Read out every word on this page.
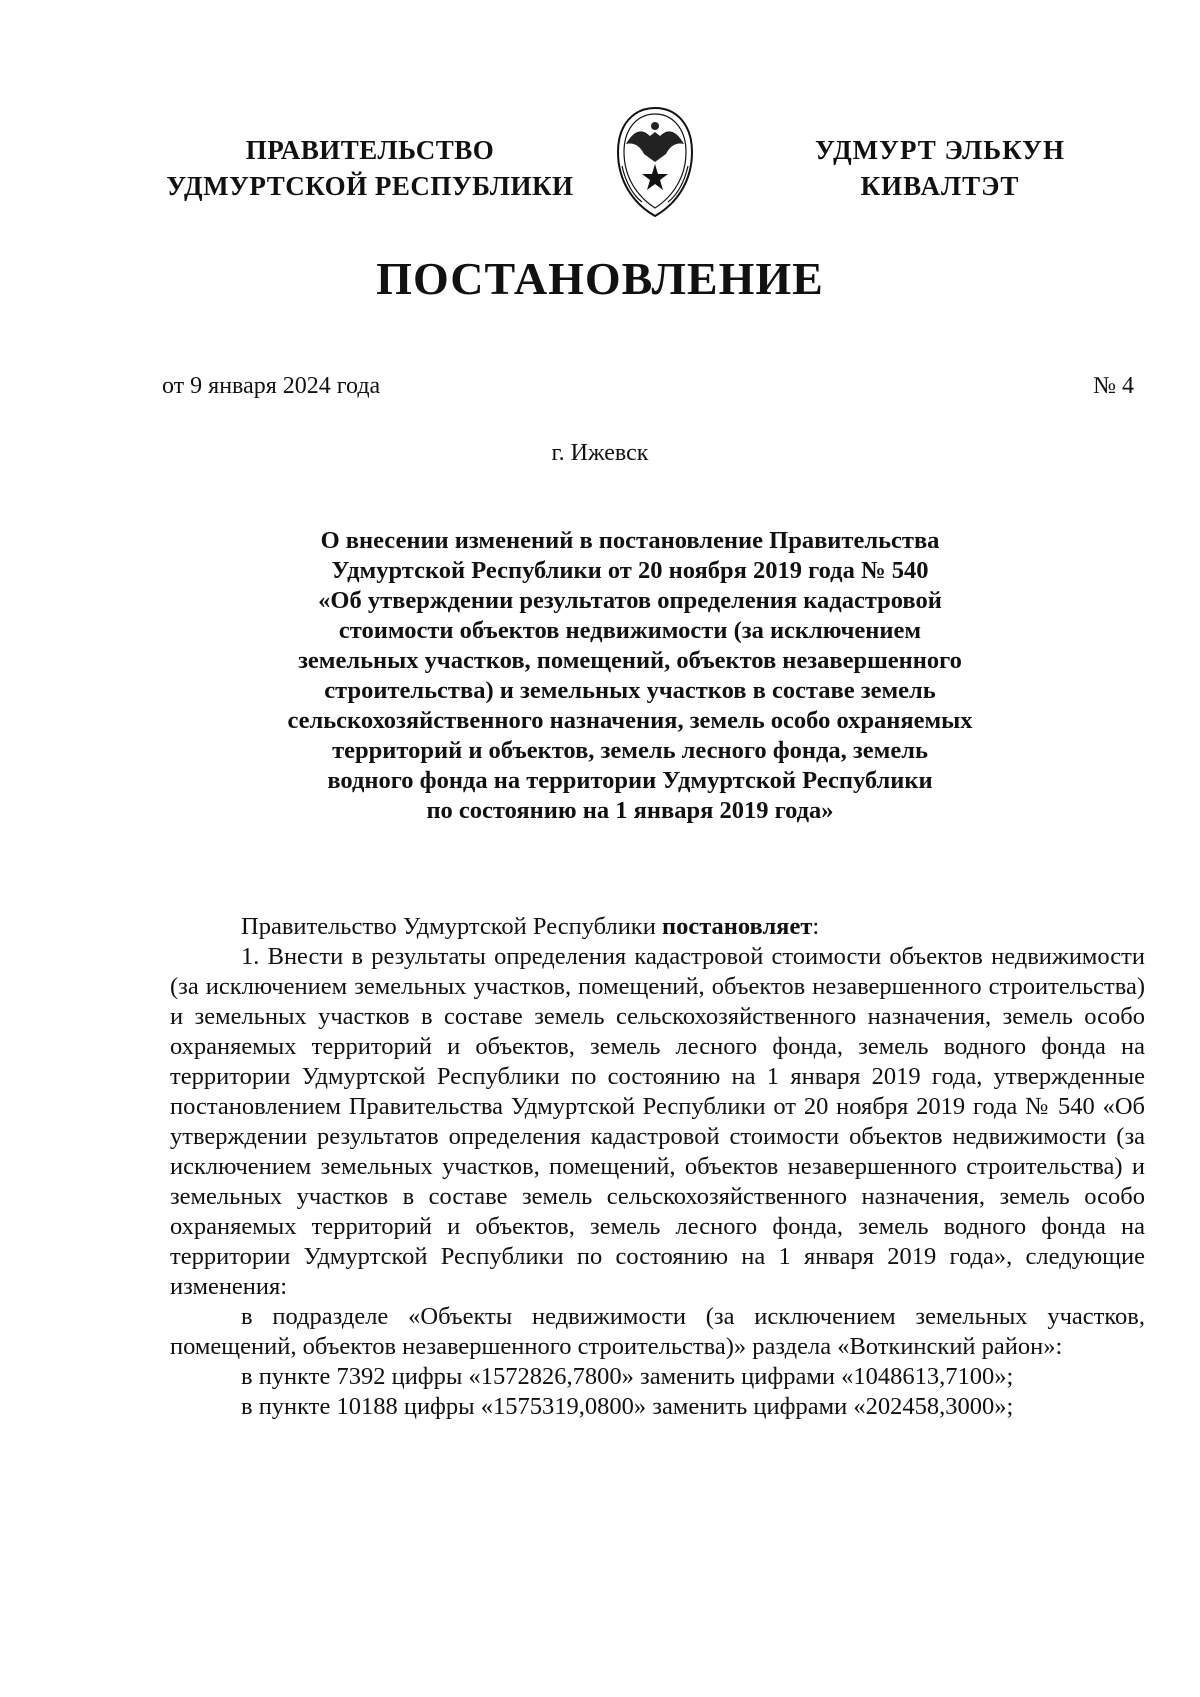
ПРАВИТЕЛЬСТВО
УДМУРТСКОЙ РЕСПУБЛИКИ
УДМУРТ ЭЛЬКУН
КИВАЛТЭТ
ПОСТАНОВЛЕНИЕ
от 9 января 2024 года	№ 4
г. Ижевск
О внесении изменений в постановление Правительства
Удмуртской Республики от 20 ноября 2019 года № 540
«Об утверждении результатов определения кадастровой
стоимости объектов недвижимости (за исключением
земельных участков, помещений, объектов незавершенного
строительства) и земельных участков в составе земель
сельскохозяйственного назначения, земель особо охраняемых
территорий и объектов, земель лесного фонда, земель
водного фонда на территории Удмуртской Республики
по состоянию на 1 января 2019 года»

Правительство Удмуртской Республики постановляет:

1. Внести в результаты определения кадастровой стоимости объектов недвижимости (за исключением земельных участков, помещений, объектов незавершенного строительства) и земельных участков в составе земель сельскохозяйственного назначения, земель особо охраняемых территорий и объектов, земель лесного фонда, земель водного фонда на территории Удмуртской Республики по состоянию на 1 января 2019 года, утвержденные постановлением Правительства Удмуртской Республики от 20 ноября 2019 года № 540 «Об утверждении результатов определения кадастровой стоимости объектов недвижимости (за исключением земельных участков, помещений, объектов незавершенного строительства) и земельных участков в составе земель сельскохозяйственного назначения, земель особо охраняемых территорий и объектов, земель лесного фонда, земель водного фонда на территории Удмуртской Республики по состоянию на 1 января 2019 года», следующие изменения:

в подразделе «Объекты недвижимости (за исключением земельных участков, помещений, объектов незавершенного строительства)» раздела «Воткинский район»:

в пункте 7392 цифры «1572826,7800» заменить цифрами «1048613,7100»;

в пункте 10188 цифры «1575319,0800» заменить цифрами «202458,3000»;
